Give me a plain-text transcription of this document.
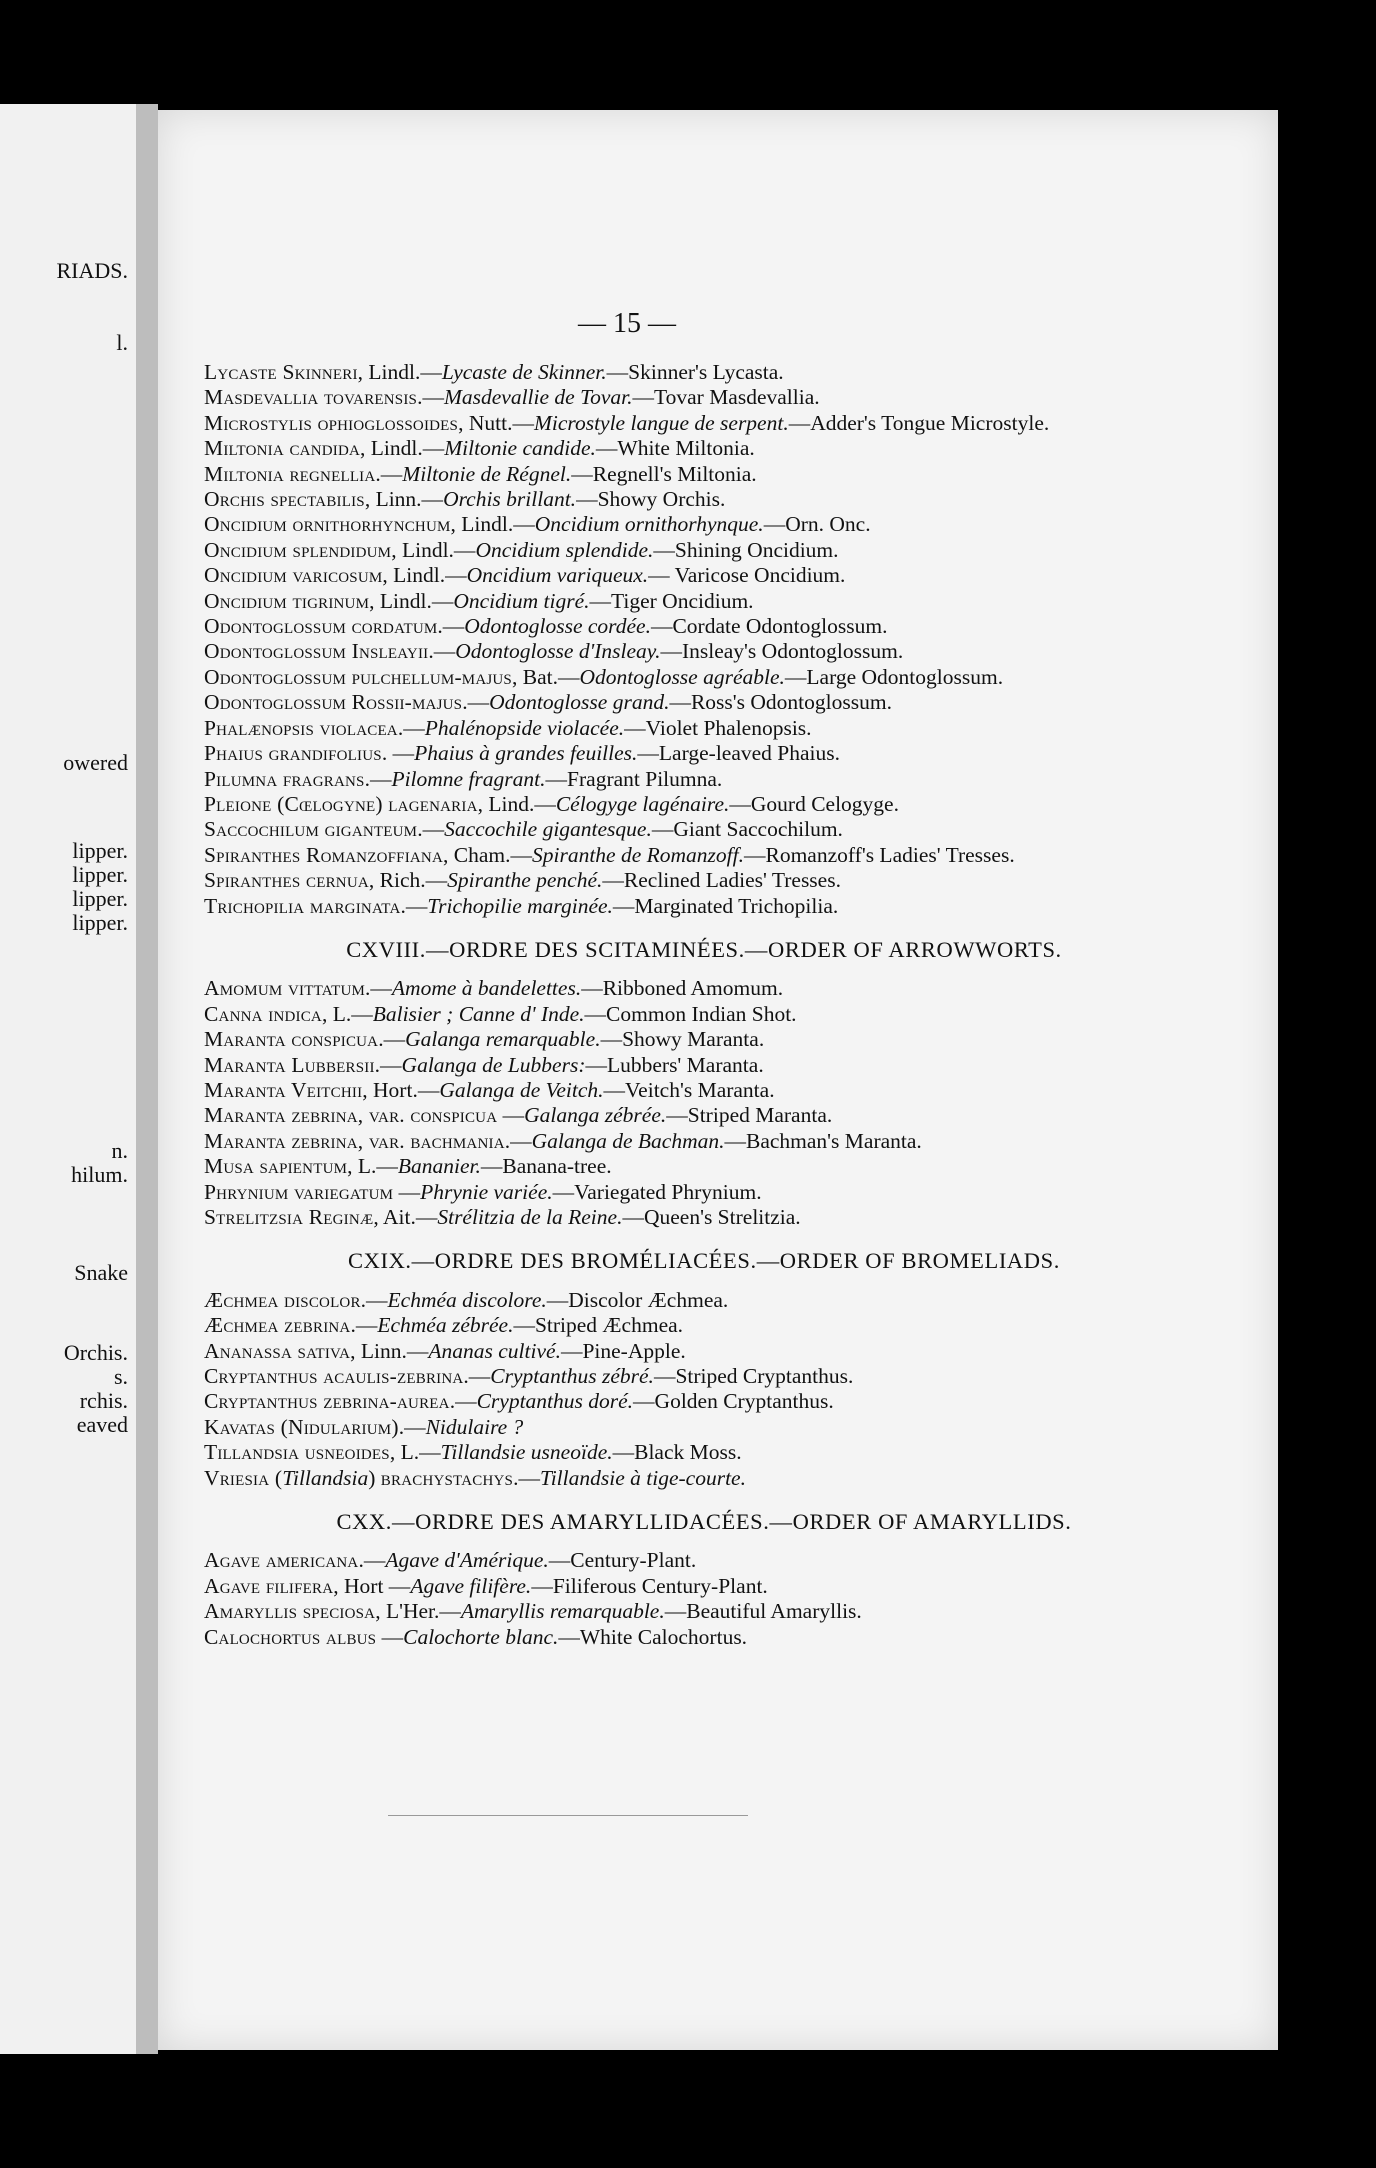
RIADS.
l.
owered
lipper.
lipper.
lipper.
lipper.
n.
hilum.
Snake
Orchis.
s.
rchis.
eaved
— 15 —
Lycaste Skinneri, Lindl.—Lycaste de Skinner.—Skinner's Lycasta.
Masdevallia tovarensis.—Masdevallie de Tovar.—Tovar Masdevallia.
Microstylis ophioglossoides, Nutt.—Microstyle langue de serpent.—Adder's Tongue Microstyle.
Miltonia candida, Lindl.—Miltonie candide.—White Miltonia.
Miltonia regnellia.—Miltonie de Régnel.—Regnell's Miltonia.
Orchis spectabilis, Linn.—Orchis brillant.—Showy Orchis.
Oncidium ornithorhynchum, Lindl.—Oncidium ornithorhynque.—Orn. Onc.
Oncidium splendidum, Lindl.—Oncidium splendide.—Shining Oncidium.
Oncidium varicosum, Lindl.—Oncidium variqueux.— Varicose Oncidium.
Oncidium tigrinum, Lindl.—Oncidium tigré.—Tiger Oncidium.
Odontoglossum cordatum.—Odontoglosse cordée.—Cordate Odontoglossum.
Odontoglossum Insleayii.—Odontoglosse d'Insleay.—Insleay's Odontoglossum.
Odontoglossum pulchellum-majus, Bat.—Odontoglosse agréable.—Large Odontoglossum.
Odontoglossum Rossii-majus.—Odontoglosse grand.—Ross's Odontoglossum.
Phalænopsis violacea.—Phalénopside violacée.—Violet Phalenopsis.
Phaius grandifolius. —Phaius à grandes feuilles.—Large-leaved Phaius.
Pilumna fragrans.—Pilomne fragrant.—Fragrant Pilumna.
Pleione (Cœlogyne) lagenaria, Lind.—Célogyge lagénaire.—Gourd Celogyge.
Saccochilum giganteum.—Saccochile gigantesque.—Giant Saccochilum.
Spiranthes Romanzoffiana, Cham.—Spiranthe de Romanzoff.—Romanzoff's Ladies' Tresses.
Spiranthes cernua, Rich.—Spiranthe penché.—Reclined Ladies' Tresses.
Trichopilia marginata.—Trichopilie marginée.—Marginated Trichopilia.
CXVIII.—ORDRE DES SCITAMINÉES.—ORDER OF ARROWWORTS.
Amomum vittatum.—Amome à bandelettes.—Ribboned Amomum.
Canna indica, L.—Balisier ; Canne d' Inde.—Common Indian Shot.
Maranta conspicua.—Galanga remarquable.—Showy Maranta.
Maranta Lubbersii.—Galanga de Lubbers:—Lubbers' Maranta.
Maranta Veitchii, Hort.—Galanga de Veitch.—Veitch's Maranta.
Maranta zebrina, var. conspicua —Galanga zébrée.—Striped Maranta.
Maranta zebrina, var. bachmania.—Galanga de Bachman.—Bachman's Maranta.
Musa sapientum, L.—Bananier.—Banana-tree.
Phrynium variegatum —Phrynie variée.—Variegated Phrynium.
Strelitzsia Reginæ, Ait.—Strélitzia de la Reine.—Queen's Strelitzia.
CXIX.—ORDRE DES BROMÉLIACÉES.—ORDER OF BROMELIADS.
Æchmea discolor.—Echméa discolore.—Discolor Æchmea.
Æchmea zebrina.—Echméa zébrée.—Striped Æchmea.
Ananassa sativa, Linn.—Ananas cultivé.—Pine-Apple.
Cryptanthus acaulis-zebrina.—Cryptanthus zébré.—Striped Cryptanthus.
Cryptanthus zebrina-aurea.—Cryptanthus doré.—Golden Cryptanthus.
Kavatas (Nidularium).—Nidulaire ?
Tillandsia usneoides, L.—Tillandsie usneoïde.—Black Moss.
Vriesia (Tillandsia) brachystachys.—Tillandsie à tige-courte.
CXX.—ORDRE DES AMARYLLIDACÉES.—ORDER OF AMARYLLIDS.
Agave americana.—Agave d'Amérique.—Century-Plant.
Agave filifera, Hort —Agave filifère.—Filiferous Century-Plant.
Amaryllis speciosa, L'Her.—Amaryllis remarquable.—Beautiful Amaryllis.
Calochortus albus —Calochorte blanc.—White Calochortus.
